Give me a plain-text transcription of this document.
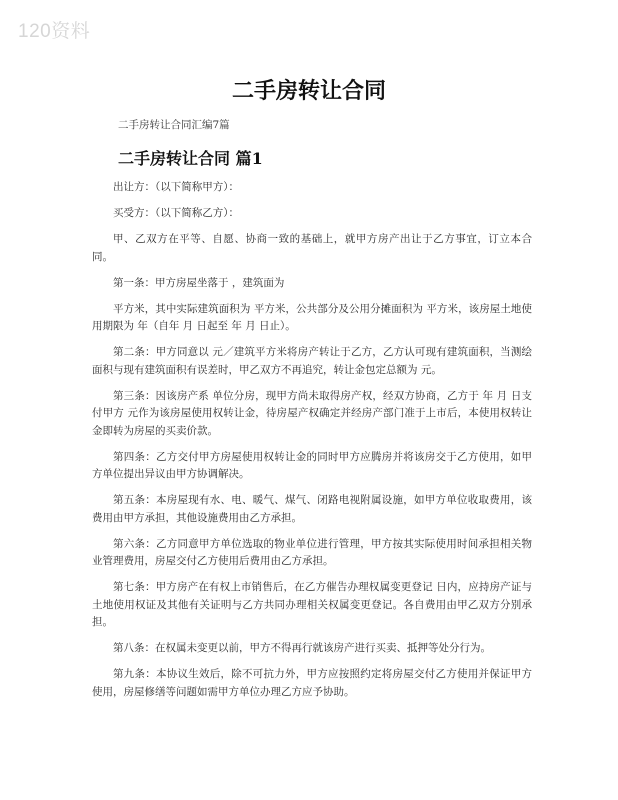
120资料
二手房转让合同
二手房转让合同汇编7篇
二手房转让合同 篇1

出让方：（以下简称甲方）：

买受方：（以下简称乙方）：

甲、乙双方在平等、自愿、协商一致的基础上，就甲方房产出让于乙方事宜，订立本合同。

第一条：甲方房屋坐落于 ，建筑面为

平方米，其中实际建筑面积为 平方米，公共部分及公用分摊面积为 平方米，该房屋土地使用期限为 年（自年 月 日起至 年 月 日止）。

第二条：甲方同意以 元／建筑平方米将房产转让于乙方，乙方认可现有建筑面积，当测绘面积与现有建筑面积有误差时，甲乙双方不再追究，转让金包定总额为 元。

第三条：因该房产系 单位分房，现甲方尚未取得房产权，经双方协商，乙方于 年 月 日支付甲方 元作为该房屋使用权转让金，待房屋产权确定并经房产部门准于上市后，本使用权转让金即转为房屋的买卖价款。

第四条：乙方交付甲方房屋使用权转让金的同时甲方应腾房并将该房交于乙方使用，如甲方单位提出异议由甲方协调解决。

第五条：本房屋现有水、电、暖气、煤气、闭路电视附属设施，如甲方单位收取费用，该费用由甲方承担，其他设施费用由乙方承担。

第六条：乙方同意甲方单位选取的物业单位进行管理，甲方按其实际使用时间承担相关物业管理费用，房屋交付乙方使用后费用由乙方承担。

第七条：甲方房产在有权上市销售后，在乙方催告办理权属变更登记 日内，应持房产证与土地使用权证及其他有关证明与乙方共同办理相关权属变更登记。各自费用由甲乙双方分别承担。

第八条：在权属未变更以前，甲方不得再行就该房产进行买卖、抵押等处分行为。

第九条：本协议生效后，除不可抗力外，甲方应按照约定将房屋交付乙方使用并保证甲方使用，房屋修缮等问题如需甲方单位办理乙方应予协助。
